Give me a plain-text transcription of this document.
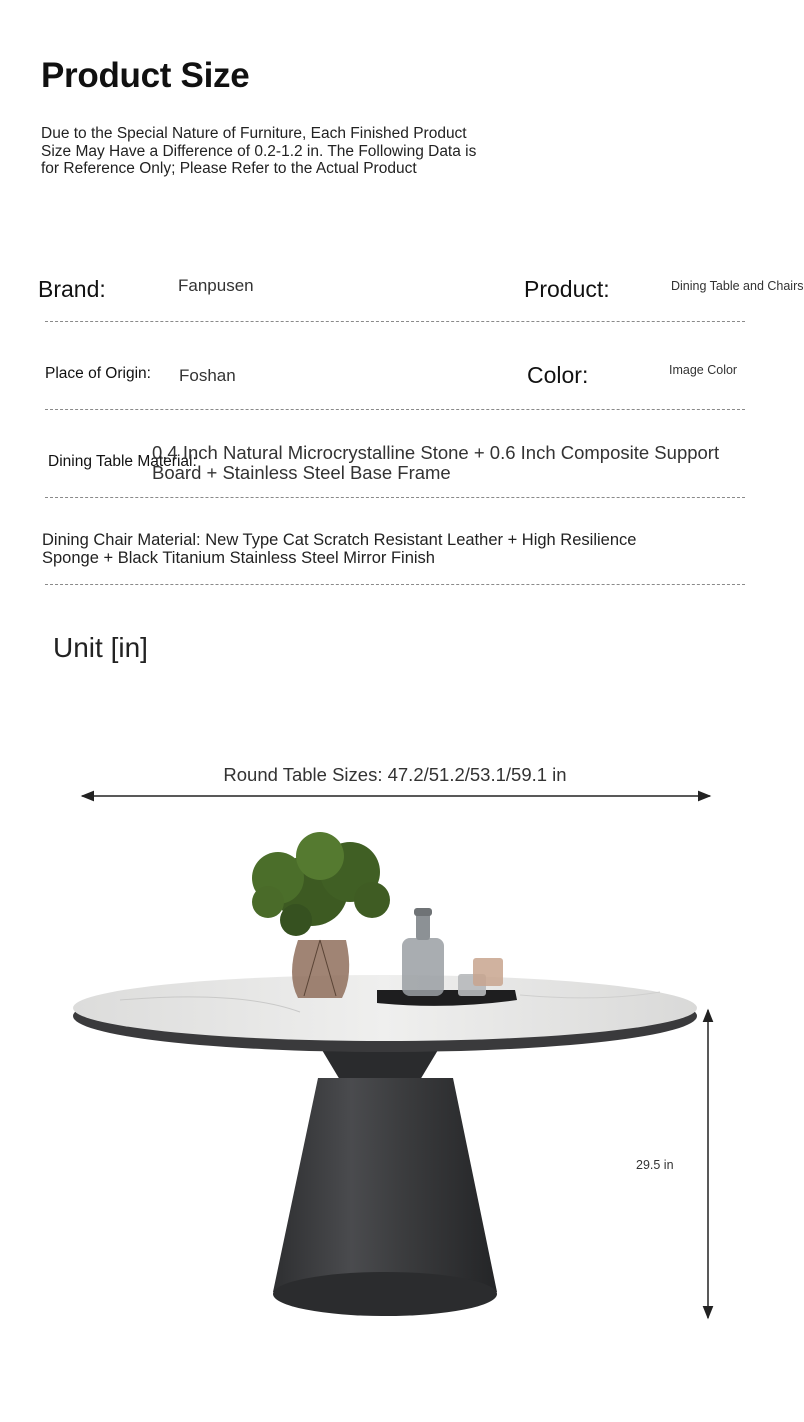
Product Size
Due to the Special Nature of Furniture, Each Finished Product Size May Have a Difference of 0.2-1.2 in. The Following Data is for Reference Only; Please Refer to the Actual Product
Brand:	Fanpusen	Product:	Dining Table and Chairs
Place of Origin: Foshan	Color:	Image Color
Dining Table Material:
0.4 Inch Natural Microcrystalline Stone + 0.6 Inch Composite Support Board + Stainless Steel Base Frame
Dining Chair Material: New Type Cat Scratch Resistant Leather + High Resilience Sponge + Black Titanium Stainless Steel Mirror Finish
Unit [in]
Round Table Sizes: 47.2/51.2/53.1/59.1 in
29.5 in
